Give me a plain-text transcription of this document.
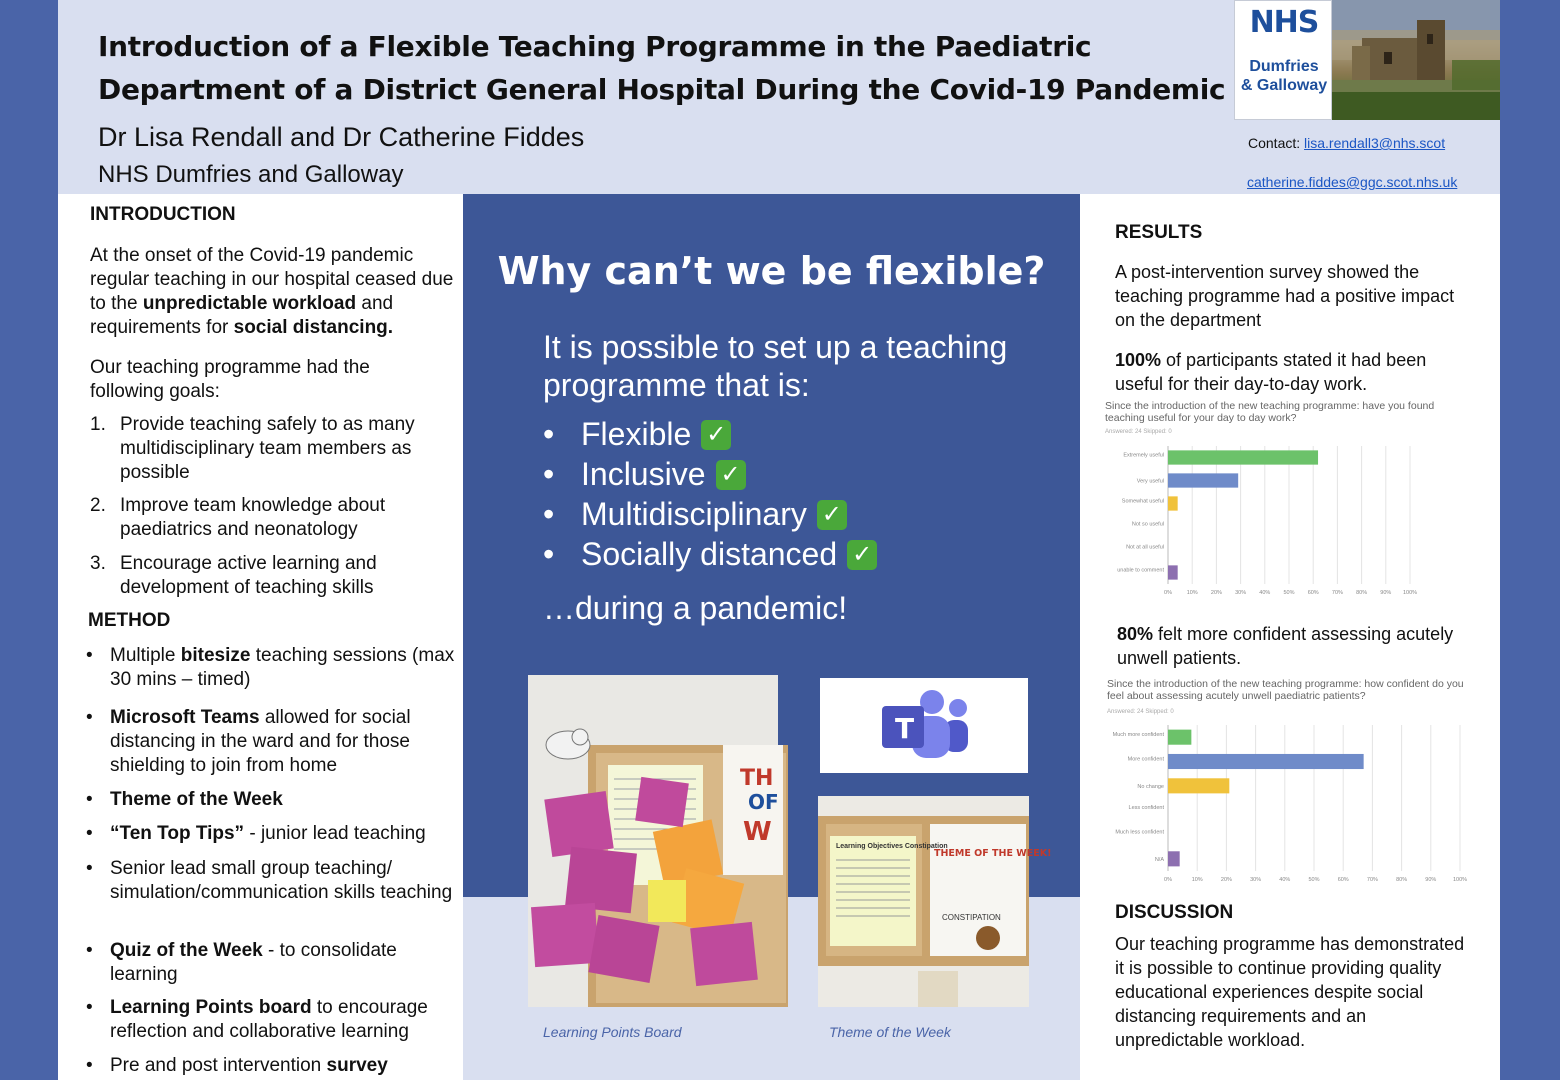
Introduction of a Flexible Teaching Programme in the Paediatric
Department of a District General Hospital During the Covid-19 Pandemic
Dr Lisa Rendall and Dr Catherine Fiddes
NHS Dumfries and Galloway
NHS
Dumfries
& Galloway
Contact: lisa.rendall3@nhs.scot
catherine.fiddes@ggc.scot.nhs.uk
INTRODUCTION
At the onset of the Covid-19 pandemic regular teaching in our hospital ceased due to the unpredictable workload and requirements for social distancing.
Our teaching programme had the following goals:
1. Provide teaching safely to as many multidisciplinary team members as possible
2. Improve team knowledge about paediatrics and neonatology
3. Encourage active learning and development of teaching skills
METHOD
• Multiple bitesize teaching sessions (max 30 mins – timed)
• Microsoft Teams allowed for social distancing in the ward and for those shielding to join from home
• Theme of the Week
• “Ten Top Tips” - junior lead teaching
• Senior lead small group teaching/ simulation/communication skills teaching
• Quiz of the Week - to consolidate learning
• Learning Points board to encourage reflection and collaborative learning
• Pre and post intervention survey
Why can’t we be flexible?
It is possible to set up a teaching programme that is:
• Flexible ✓
• Inclusive ✓
• Multidisciplinary ✓
• Socially distanced ✓
…during a pandemic!
TH
OF
W
T
Learning Objectives Constipation
THEME OF THE WEEK!
CONSTIPATION
Learning Points Board	Theme of the Week
RESULTS
A post-intervention survey showed the teaching programme had a positive impact on the department
100% of participants stated it had been useful for their day-to-day work.
Since the introduction of the new teaching programme: have you found teaching useful for your day to day work?
Answered: 24 Skipped: 0
0%	10% 20% 30% 40% 50% 60% 70% 80% 90% 100%
Extremely useful
Very useful
Somewhat useful
Not so useful
Not at all useful
unable to comment
80% felt more confident assessing acutely unwell patients.
Since the introduction of the new teaching programme: how confident do you feel about assessing acutely unwell paediatric patients?
Answered: 24 Skipped: 0
0%	10%	20%	30%	40%	50%	60%	70%	80%	90%	100%
Much more confident
More confident
No change
Less confident
Much less confident
N/A
DISCUSSION
Our teaching programme has demonstrated it is possible to continue providing quality educational experiences despite social distancing requirements and an unpredictable workload.
